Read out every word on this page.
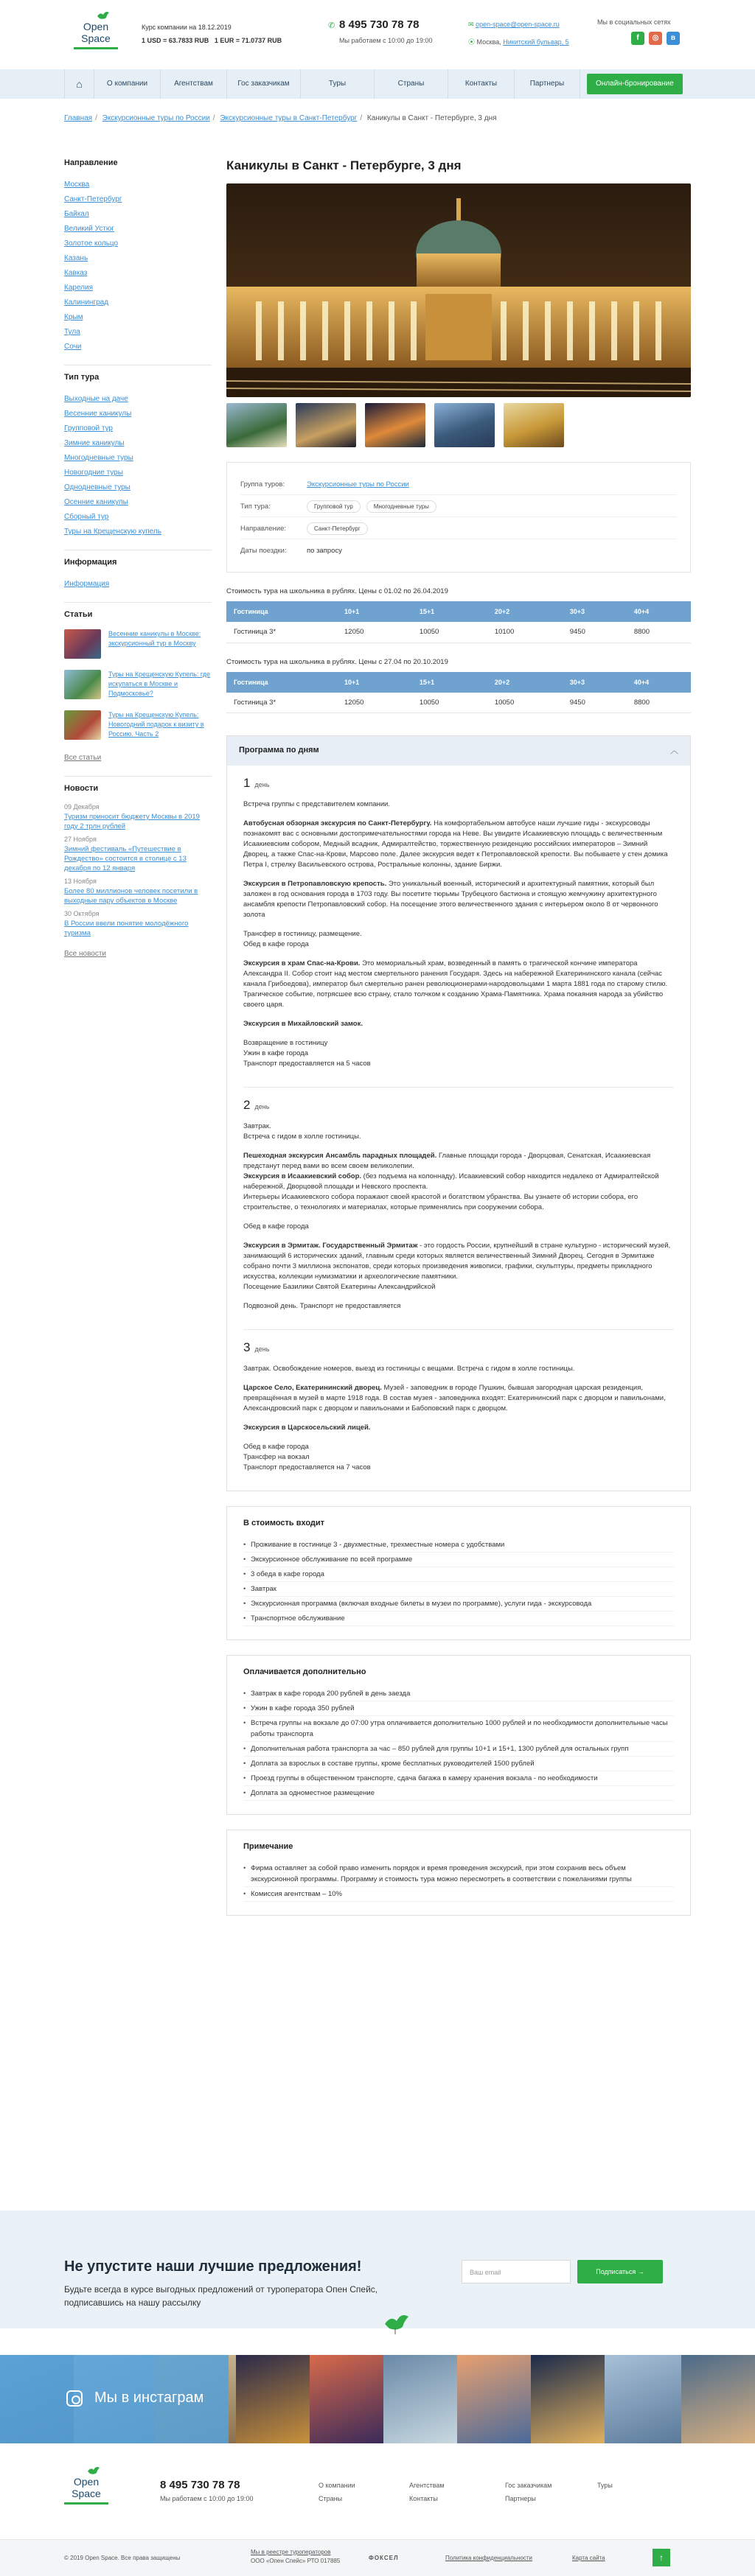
Open
Space
Курс компании на 18.12.2019
1 USD = 63.7833 RUB 1 EUR = 71.0737 RUB
✆ 8 495 730 78 78
Мы работаем с 10:00 до 19:00
✉ open-space@open-space.ru
⦿ Москва, Никитский бульвар, 5
Мы в социальных сетях
f	◎	в
⌂	О компании	Агентствам	Гос заказчикам	Туры	Страны	Контакты	Партнеры	Онлайн-бронирование
Главная / Экскурсионные туры по России / Экскурсионные туры в Санкт-Петербург / Каникулы в Санкт - Петербурге, 3 дня
Направление
Москва
Санкт-Петербург
Байкал
Великий Устюг
Золотое кольцо
Казань
Кавказ
Карелия
Калининград
Крым
Тула
Сочи
Тип тура
Выходные на даче
Весенние каникулы
Групповой тур
Зимние каникулы
Многодневные туры
Новогодние туры
Однодневные туры
Осенние каникулы
Сборный тур
Туры на Крещенскую купель
Информация
Информация
Статьи
Весенние каникулы в Москве: экскурсионный тур в Москву
Туры на Крещенскую Купель: где искупаться в Москве и Подмосковье?
Туры на Крещенскую Купель: Новогодний подарок к визиту в Россию. Часть 2
Все статьи
Новости
09 Декабря
Туризм приносит бюджету Москвы в 2019 году 2 трлн рублей
27 Ноября
Зимний фестиваль «Путешествие в Рождество» состоится в столице с 13 декабря по 12 января
13 Ноября
Более 80 миллионов человек посетили в выходные пару объектов в Москве
30 Октября
В России ввели понятие молодёжного туризма
Все новости
Каникулы в Санкт - Петербурге, 3 дня
Группа туров:	Экскурсионные туры по России
Тип тура:	Групповой тур	Многодневные туры
Направление:	Санкт-Петербург
Даты поездки:	по запросу
Стоимость тура на школьника в рублях. Цены с 01.02 по 26.04.2019
Гостиница	10+1	15+1	20+2	30+3	40+4
Гостиница 3*	12050	10050	10100	9450	8800
Стоимость тура на школьника в рублях. Цены с 27.04 по 20.10.2019
Гостиница	10+1	15+1	20+2	30+3	40+4
Гостиница 3*	12050	10050	10050	9450	8800
Программа по дням	︿
1 день

Встреча группы с представителем компании.

Автобусная обзорная экскурсия по Санкт-Петербургу. На комфортабельном автобусе наши лучшие гиды - экскурсоводы познакомят вас с основными достопримечательностями города на Неве. Вы увидите Исаакиевскую площадь с величественным Исаакиевским собором, Медный всадник, Адмиралтейство, торжественную резиденцию российских императоров – Зимний Дворец, а также Спас-на-Крови, Марсово поле. Далее экскурсия ведет к Петропавловской крепости. Вы побываете у стен домика Петра I, стрелку Васильевского острова, Ростральные колонны, здание Биржи.

Экскурсия в Петропавловскую крепость. Это уникальный военный, исторический и архитектурный памятник, который был заложен в год основания города в 1703 году. Вы посетите тюрьмы Трубецкого бастиона и стоящую жемчужину архитектурного ансамбля крепости Петропавловский собор. На посещение этого величественного здания с интерьером около 8 от червонного золота

Трансфер в гостиницу, размещение.
Обед в кафе города

Экскурсия в храм Спас-на-Крови. Это мемориальный храм, возведенный в память о трагической кончине императора Александра II. Собор стоит над местом смертельного ранения Государя. Здесь на набережной Екатерининского канала (сейчас канала Грибоедова), император был смертельно ранен революционерами-народовольцами 1 марта 1881 года по старому стилю. Трагическое событие, потрясшее всю страну, стало толчком к созданию Храма-Памятника. Храма покаяния народа за убийство своего царя.

Экскурсия в Михайловский замок.

Возвращение в гостиницу
Ужин в кафе города
Транспорт предоставляется на 5 часов

2 день

Завтрак.
Встреча с гидом в холле гостиницы.

Пешеходная экскурсия Ансамбль парадных площадей. Главные площади города - Дворцовая, Сенатская, Исаакиевская предстанут перед вами во всем своем великолепии.
Экскурсия в Исаакиевский собор. (без подъема на колоннаду). Исаакиевский собор находится недалеко от Адмиралтейской набережной, Дворцовой площади и Невского проспекта.
Интерьеры Исаакиевского собора поражают своей красотой и богатством убранства. Вы узнаете об истории собора, его строительстве, о технологиях и материалах, которые применялись при сооружении собора.

Обед в кафе города

Экскурсия в Эрмитаж. Государственный Эрмитаж - это гордость России, крупнейший в стране культурно - исторический музей, занимающий 6 исторических зданий, главным среди которых является величественный Зимний Дворец. Сегодня в Эрмитаже собрано почти 3 миллиона экспонатов, среди которых произведения живописи, графики, скульптуры, предметы прикладного искусства, коллекции нумизматики и археологические памятники.
Посещение Базилики Святой Екатерины Александрийской

Подвозной день. Транспорт не предоставляется

3 день

Завтрак. Освобождение номеров, выезд из гостиницы с вещами. Встреча с гидом в холле гостиницы.

Царское Село, Екатерининский дворец. Музей - заповедник в городе Пушкин, бывшая загородная царская резиденция, превращённая в музей в марте 1918 года. В состав музея - заповедника входят: Екатерининский парк с дворцом и павильонами, Александровский парк с дворцом и павильонами и Бабоповский парк с дворцом.

Экскурсия в Царскосельский лицей.

Обед в кафе города
Трансфер на вокзал
Транспорт предоставляется на 7 часов

В стоимость входит
• Проживание в гостинице 3 - двухместные, трехместные номера с удобствами
• Экскурсионное обслуживание по всей программе
• 3 обеда в кафе города
• Завтрак
• Экскурсионная программа (включая входные билеты в музеи по программе), услуги гида - экскурсовода
• Транспортное обслуживание
Оплачивается дополнительно
• Завтрак в кафе города 200 рублей в день заезда
• Ужин в кафе города 350 рублей
• Встреча группы на вокзале до 07:00 утра оплачивается дополнительно 1000 рублей и по необходимости дополнительные часы работы транспорта
• Дополнительная работа транспорта за час – 850 рублей для группы 10+1 и 15+1, 1300 рублей для остальных групп
• Доплата за взрослых в составе группы, кроме бесплатных руководителей 1500 рублей
• Проезд группы в общественном транспорте, сдача багажа в камеру хранения вокзала - по необходимости
• Доплата за одноместное размещение
Примечание
• Фирма оставляет за собой право изменить порядок и время проведения экскурсий, при этом сохранив весь объем экскурсионной программы. Программу и стоимость тура можно пересмотреть в соответствии с пожеланиями группы
• Комиссия агентствам – 10%
Не упустите наши лучшие предложения!

Будьте всегда в курсе выгодных предложений от туроператора Опен Спейс, подписавшись на нашу рассылку

Ваш email	Подписаться →
Мы в инстаграм
Open
Space
8 495 730 78 78
Мы работаем с 10:00 до 19:00
О компании
Страны
Агентствам
Контакты
Гос заказчикам
Партнеры
Туры
© 2019 Open Space. Все права защищены
Мы в реестре туроператоров
ООО «Опен Спейс» РТО 017885	ФОКСЕЛ	Политика конфиденциальности	Карта сайта	↑
